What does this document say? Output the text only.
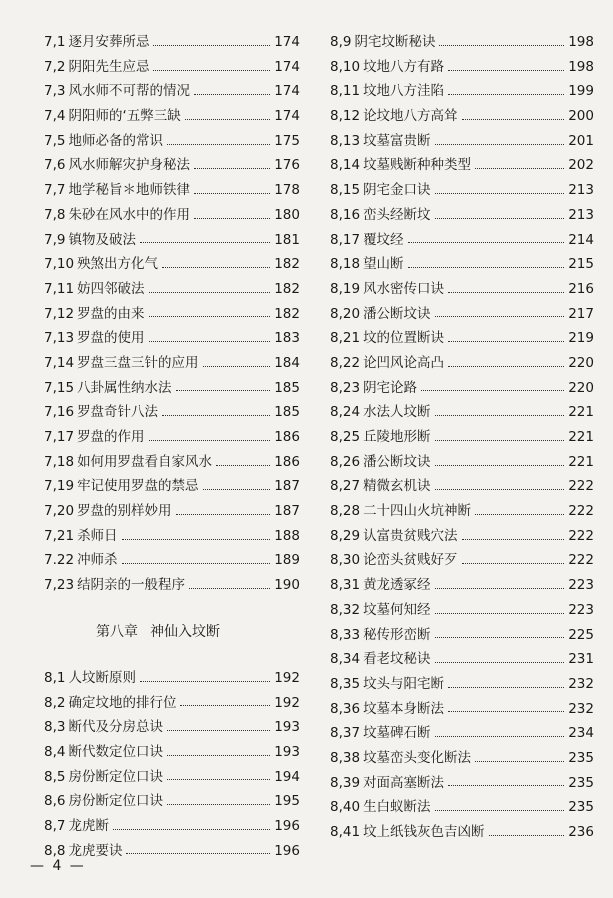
7,1 逐月安葬所忌	174
7,2 阴阳先生应忌	174
7,3 风水师不可帮的情况	174
7,4 阴阳师的‘五弊三缺	174
7,5 地师必备的常识	175
7,6 风水师解灾护身秘法	176
7,7 地学秘旨＊地师铁律	178
7,8 朱砂在风水中的作用	180
7,9 镇物及破法	181
7,10 殃煞出方化气	182
7,11 妨四邻破法	182
7,12 罗盘的由来	182
7,13 罗盘的使用	183
7,14 罗盘三盘三针的应用	184
7,15 八卦属性纳水法	185
7,16 罗盘奇针八法	185
7,17 罗盘的作用	186
7,18 如何用罗盘看自家风水	186
7,19 牢记使用罗盘的禁忌	187
7,20 罗盘的别样妙用	187
7,21 杀师日	188
7.22 冲师杀	189
7,23 结阴亲的一般程序	190
第八章 神仙入坟断
8,1 人坟断原则	192
8,2 确定坟地的排行位	192
8,3 断代及分房总诀	193
8,4 断代数定位口诀	193
8,5 房份断定位口诀	194
8,6 房份断定位口诀	195
8,7 龙虎断	196
8,8 龙虎要诀	196
8,9 阴宅坟断秘诀	198
8,10 坟地八方有路	198
8,11 坟地八方洼陷	199
8,12 论坟地八方高耸	200
8,13 坟墓富贵断	201
8,14 坟墓贱断种种类型	202
8,15 阴宅金口诀	213
8,16 峦头经断坟	213
8,17 覆坟经	214
8,18 望山断	215
8,19 风水密传口诀	216
8,20 潘公断坟诀	217
8,21 坟的位置断诀	219
8,22 论凹风论高凸	220
8,23 阴宅论路	220
8,24 水法人坟断	221
8,25 丘陵地形断	221
8,26 潘公断坟诀	221
8,27 精微玄机诀	222
8,28 二十四山火坑神断	222
8,29 认富贵贫贱穴法	222
8,30 论峦头贫贱好歹	222
8,31 黄龙透冢经	223
8,32 坟墓何知经	223
8,33 秘传形峦断	225
8,34 看老坟秘诀	231
8,35 坟头与阳宅断	232
8,36 坟墓本身断法	232
8,37 坟墓碑石断	234
8,38 坟墓峦头变化断法	235
8,39 对面高塞断法	235
8,40 生白蚁断法	235
8,41 坟上纸钱灰色吉凶断	236
— 4 —
